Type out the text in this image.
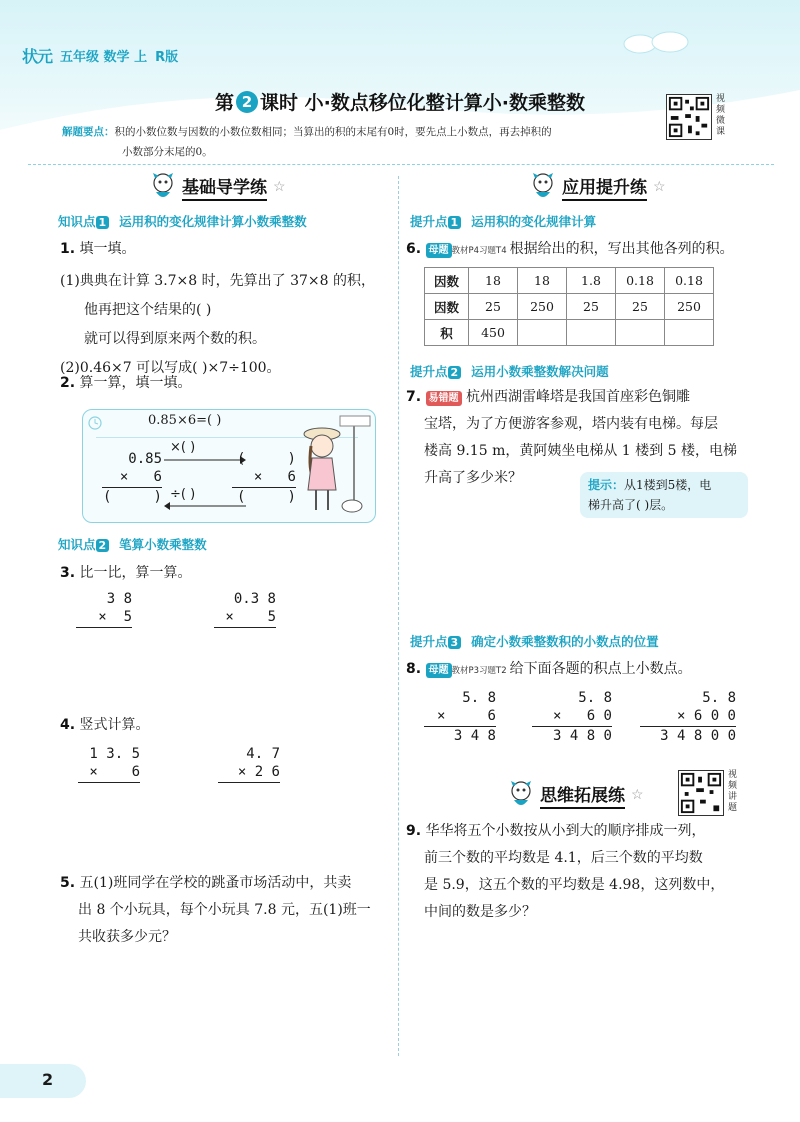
状元 五年级 数学 上 R版
第 2 课时 小·数点移位化整计算小·数乘整数	视频微课
解题要点：积的小数位数与因数的小数位数相同；当算出的积的末尾有0时，要先点上小数点，再去掉积的
小数部分末尾的0。
基础导学练 ☆
知识点 1 运用积的变化规律计算小数乘整数
1. 填一填。
(1)典典在计算 3.7×8 时，先算出了 37×8 的积，
他再把这个结果的( )
就可以得到原来两个数的积。
(2)0.46×7 可以写成( )×7÷100。
2. 算一算，填一填。
0.85×6=( )
0.85
×   6
(     )
×( )
÷( )
(     )
×   6
(     )
知识点 2 笔算小数乘整数
3. 比一比，算一算。
3 8
×  5
0.3 8
×    5
4. 竖式计算。
1 3. 5
×    6
4. 7
× 2 6
5. 五(1)班同学在学校的跳蚤市场活动中，共卖
出 8 个小玩具，每个小玩具 7.8 元，五(1)班一
共收获多少元？
应用提升练 ☆
提升点 1 运用积的变化规律计算
6. 母题 教材P4习题T4 根据给出的积，写出其他各列的积。
因数	18	18	1.8	0.18	0.18
因数	25	250	25	25	250
积	450				
提升点 2 运用小数乘整数解决问题
7. 易错题 杭州西湖雷峰塔是我国首座彩色铜雕
宝塔，为了方便游客参观，塔内装有电梯。每层
楼高 9.15 m，黄阿姨坐电梯从 1 楼到 5 楼，电梯
升高了多少米？	提示：从1楼到5楼，电
梯升高了( )层。
提升点 3 确定小数乘整数积的小数点的位置
8. 母题 教材P3习题T2 给下面各题的积点上小数点。
5. 8
×     6
3 4 8
5. 8
×   6 0
3 4 8 0
5. 8
× 6 0 0
3 4 8 0 0
思维拓展练 ☆
视频讲题
9. 华华将五个小数按从小到大的顺序排成一列，
前三个数的平均数是 4.1，后三个数的平均数
是 5.9，这五个数的平均数是 4.98，这列数中，
中间的数是多少？
2
